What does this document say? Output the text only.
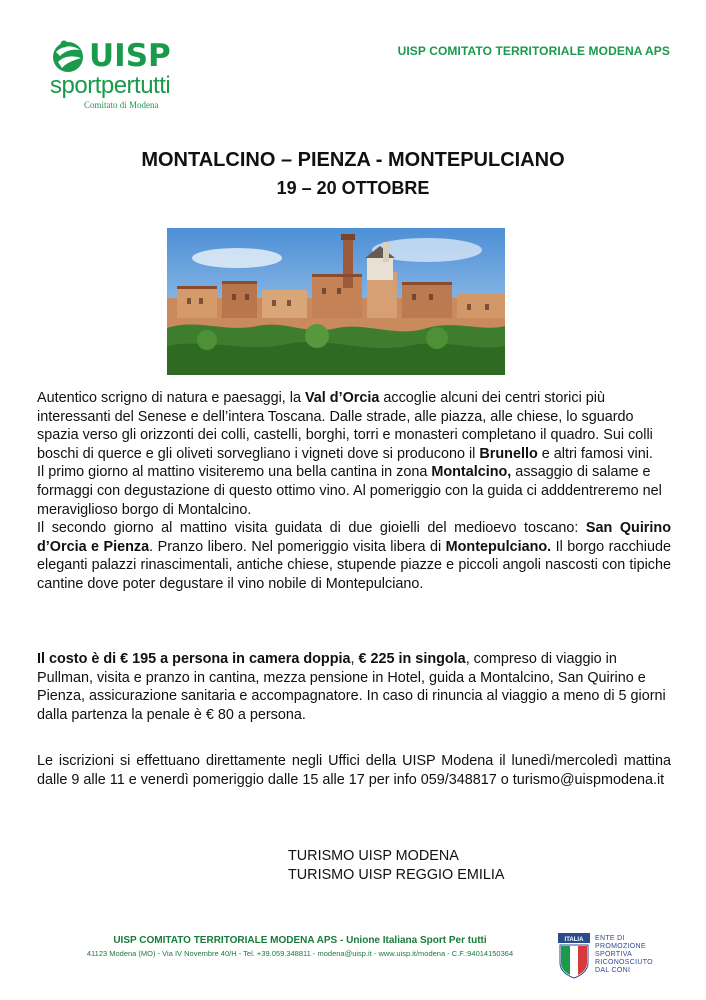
UISP
sportpertutti
Comitato di Modena
UISP COMITATO TERRITORIALE MODENA APS
MONTALCINO – PIENZA - MONTEPULCIANO
19 – 20 OTTOBRE
Autentico scrigno di natura e paesaggi, la Val d’Orcia accoglie alcuni dei centri storici più interessanti del Senese e dell’intera Toscana. Dalle strade, alle piazza, alle chiese, lo sguardo spazia verso gli orizzonti dei colli, castelli, borghi, torri e monasteri completano il quadro. Sui colli boschi di querce e gli oliveti sorvegliano i vigneti dove si producono il Brunello e altri famosi vini.
Il primo giorno al mattino visiteremo una bella cantina in zona Montalcino, assaggio di salame e formaggi con degustazione di questo ottimo vino. Al pomeriggio con la guida ci adddentreremo nel meraviglioso borgo di Montalcino.
Il secondo giorno al mattino visita guidata di due gioielli del medioevo toscano: San Quirino d’Orcia e Pienza. Pranzo libero. Nel pomeriggio visita libera di Montepulciano. Il borgo racchiude eleganti palazzi rinascimentali, antiche chiese, stupende piazze e piccoli angoli nascosti con tipiche cantine dove poter degustare il vino nobile di Montepulciano.
Il costo è di € 195 a persona in camera doppia, € 225 in singola, compreso di viaggio in Pullman, visita e pranzo in cantina, mezza pensione in Hotel, guida a Montalcino, San Quirino e Pienza, assicurazione sanitaria e accompagnatore. In caso di rinuncia al viaggio a meno di 5 giorni dalla partenza la penale è € 80 a persona.
Le iscrizioni si effettuano direttamente negli Uffici della UISP Modena il lunedì/mercoledì mattina dalle 9 alle 11 e venerdì pomeriggio dalle 15 alle 17 per info 059/348817 o turismo@uispmodena.it
TURISMO UISP MODENA
TURISMO UISP REGGIO EMILIA
UISP COMITATO TERRITORIALE MODENA APS - Unione Italiana Sport Per tutti
41123 Modena (MO) - Via IV Novembre 40/H - Tel. +39.059.348811 - modena@uisp.it - www.uisp.it/modena - C.F.:94014150364
ITALIA ENTE DI PROMOZIONE
SPORTIVA
RICONOSCIUTO
DAL CONI
